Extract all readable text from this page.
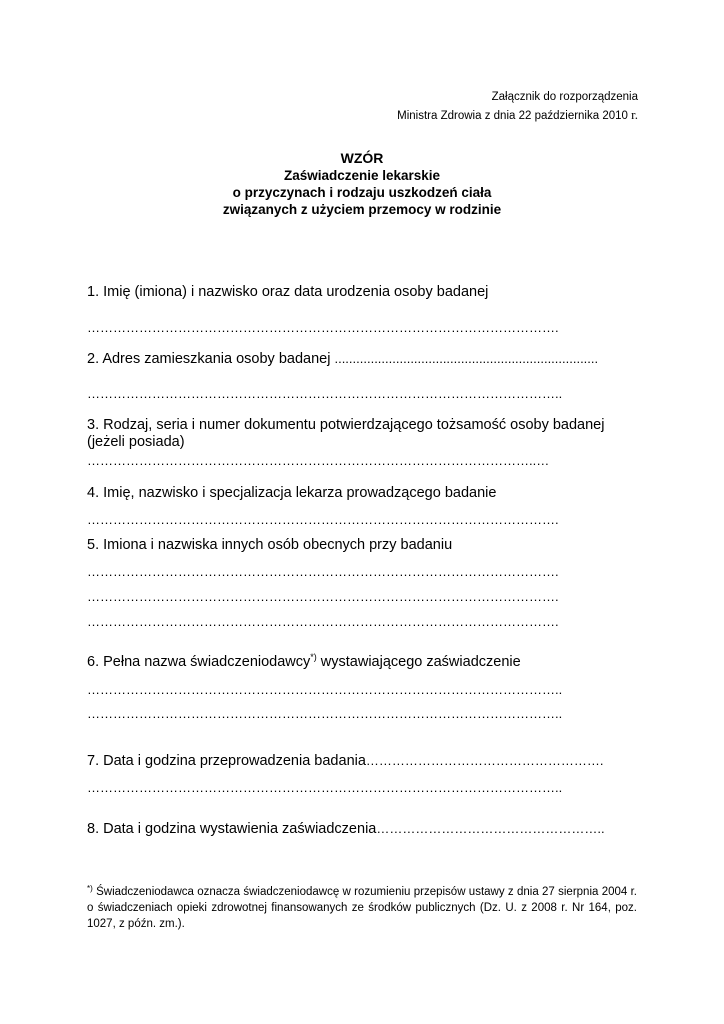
Załącznik do rozporządzenia
Ministra Zdrowia z dnia 22 października 2010 r.
WZÓR
Zaświadczenie lekarskie
o przyczynach i rodzaju uszkodzeń ciała
związanych z użyciem przemocy w rodzinie
1. Imię (imiona) i nazwisko oraz data urodzenia osoby badanej
……………………………………………………………………………………………….
2. Adres zamieszkania osoby badanej .........................................................................
………………………………………………………………………………………………..
3. Rodzaj, seria i numer dokumentu potwierdzającego tożsamość osoby badanej
(jeżeli posiada)
…………………………………………………………………………………………..…
4. Imię, nazwisko i specjalizacja lekarza prowadzącego badanie
……………………………………………………………………………………………….
5. Imiona i nazwiska innych osób obecnych przy badaniu
……………………………………………………………………………………………….
……………………………………………………………………………………………….
……………………………………………………………………………………………….
6. Pełna nazwa świadczeniodawcy*) wystawiającego zaświadczenie
………………………………………………………………………………………………..
………………………………………………………………………………………………..
7. Data i godzina przeprowadzenia badania……………………………………………….
………………………………………………………………………………………………..
8. Data i godzina wystawienia zaświadczenia……………………………………………..
*) Świadczeniodawca oznacza świadczeniodawcę w rozumieniu przepisów ustawy z dnia 27 sierpnia 2004 r. o świadczeniach opieki zdrowotnej finansowanych ze środków publicznych (Dz. U. z 2008 r. Nr 164, poz. 1027, z późn. zm.).
